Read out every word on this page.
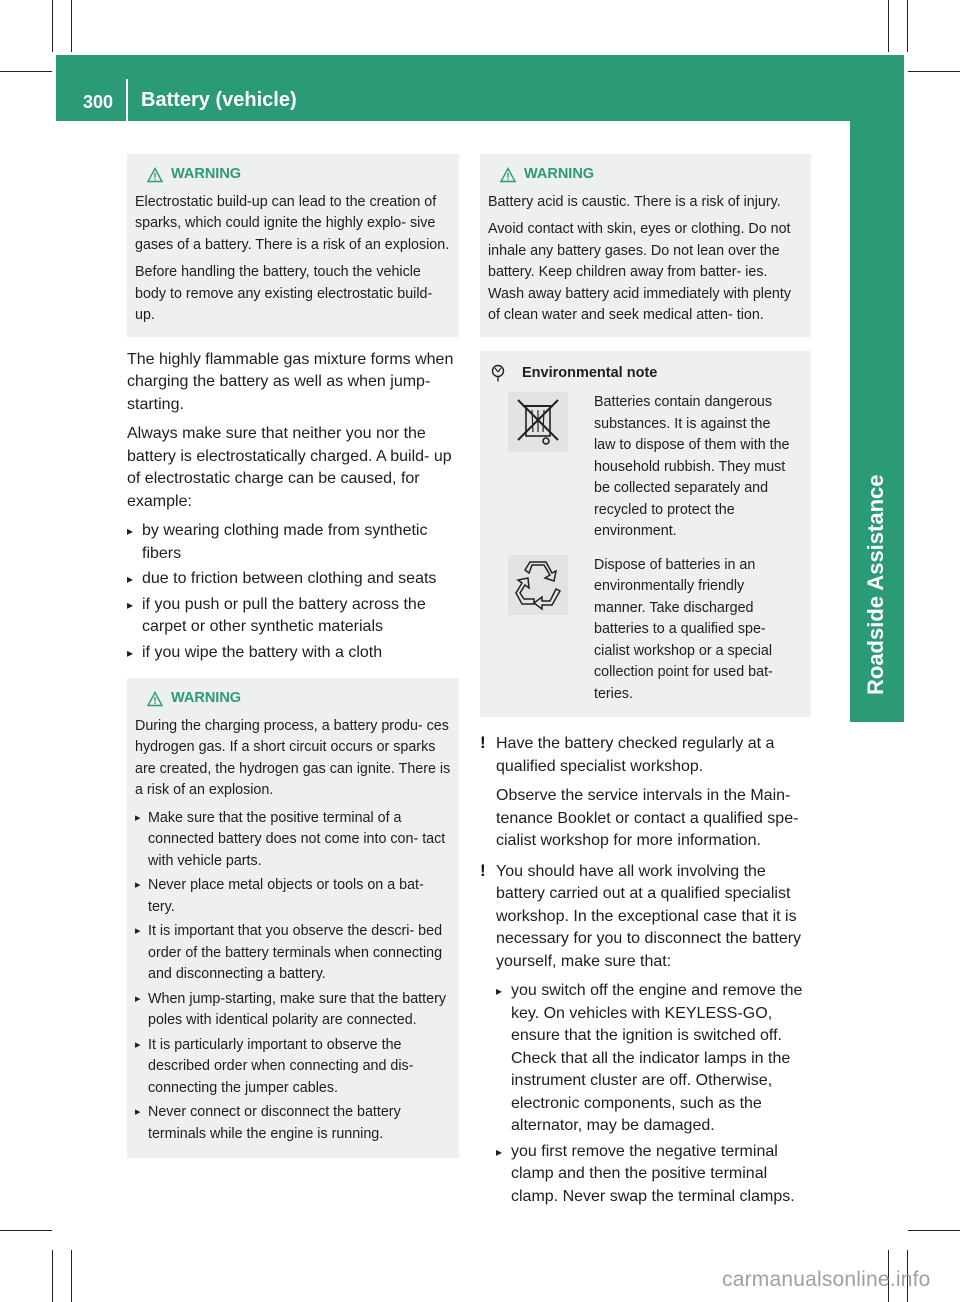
300 Battery (vehicle)
Roadside Assistance
WARNING

Electrostatic build-up can lead to the creation of sparks, which could ignite the highly explo- sive gases of a battery. There is a risk of an explosion.

Before handling the battery, touch the vehicle body to remove any existing electrostatic build-up.

The highly flammable gas mixture forms when charging the battery as well as when jump- starting.

Always make sure that neither you nor the battery is electrostatically charged. A build- up of electrostatic charge can be caused, for example:

▸ by wearing clothing made from synthetic fibers
▸ due to friction between clothing and seats
▸ if you push or pull the battery across the carpet or other synthetic materials
▸ if you wipe the battery with a cloth
WARNING

During the charging process, a battery produ- ces hydrogen gas. If a short circuit occurs or sparks are created, the hydrogen gas can ignite. There is a risk of an explosion.

▸ Make sure that the positive terminal of a connected battery does not come into con- tact with vehicle parts.
▸ Never place metal objects or tools on a bat- tery.
▸ It is important that you observe the descri- bed order of the battery terminals when connecting and disconnecting a battery.
▸ When jump-starting, make sure that the battery poles with identical polarity are connected.
▸ It is particularly important to observe the described order when connecting and dis- connecting the jumper cables.
▸ Never connect or disconnect the battery terminals while the engine is running.
WARNING

Battery acid is caustic. There is a risk of injury.

Avoid contact with skin, eyes or clothing. Do not inhale any battery gases. Do not lean over the battery. Keep children away from batter- ies. Wash away battery acid immediately with plenty of clean water and seek medical atten- tion.

Environmental note
Batteries contain dangerous substances. It is against the law to dispose of them with the household rubbish. They must be collected separately and recycled to protect the environment.
Dispose of batteries in an environmentally friendly manner. Take discharged batteries to a qualified spe- cialist workshop or a special collection point for used bat- teries.
! Have the battery checked regularly at a qualified specialist workshop.

Observe the service intervals in the Main- tenance Booklet or contact a qualified spe- cialist workshop for more information.

! You should have all work involving the battery carried out at a qualified specialist workshop. In the exceptional case that it is necessary for you to disconnect the battery yourself, make sure that:

▸ you switch off the engine and remove the key. On vehicles with KEYLESS-GO, ensure that the ignition is switched off. Check that all the indicator lamps in the instrument cluster are off. Otherwise, electronic components, such as the alternator, may be damaged.
▸ you first remove the negative terminal clamp and then the positive terminal clamp. Never swap the terminal clamps.
carmanualsonline.info
